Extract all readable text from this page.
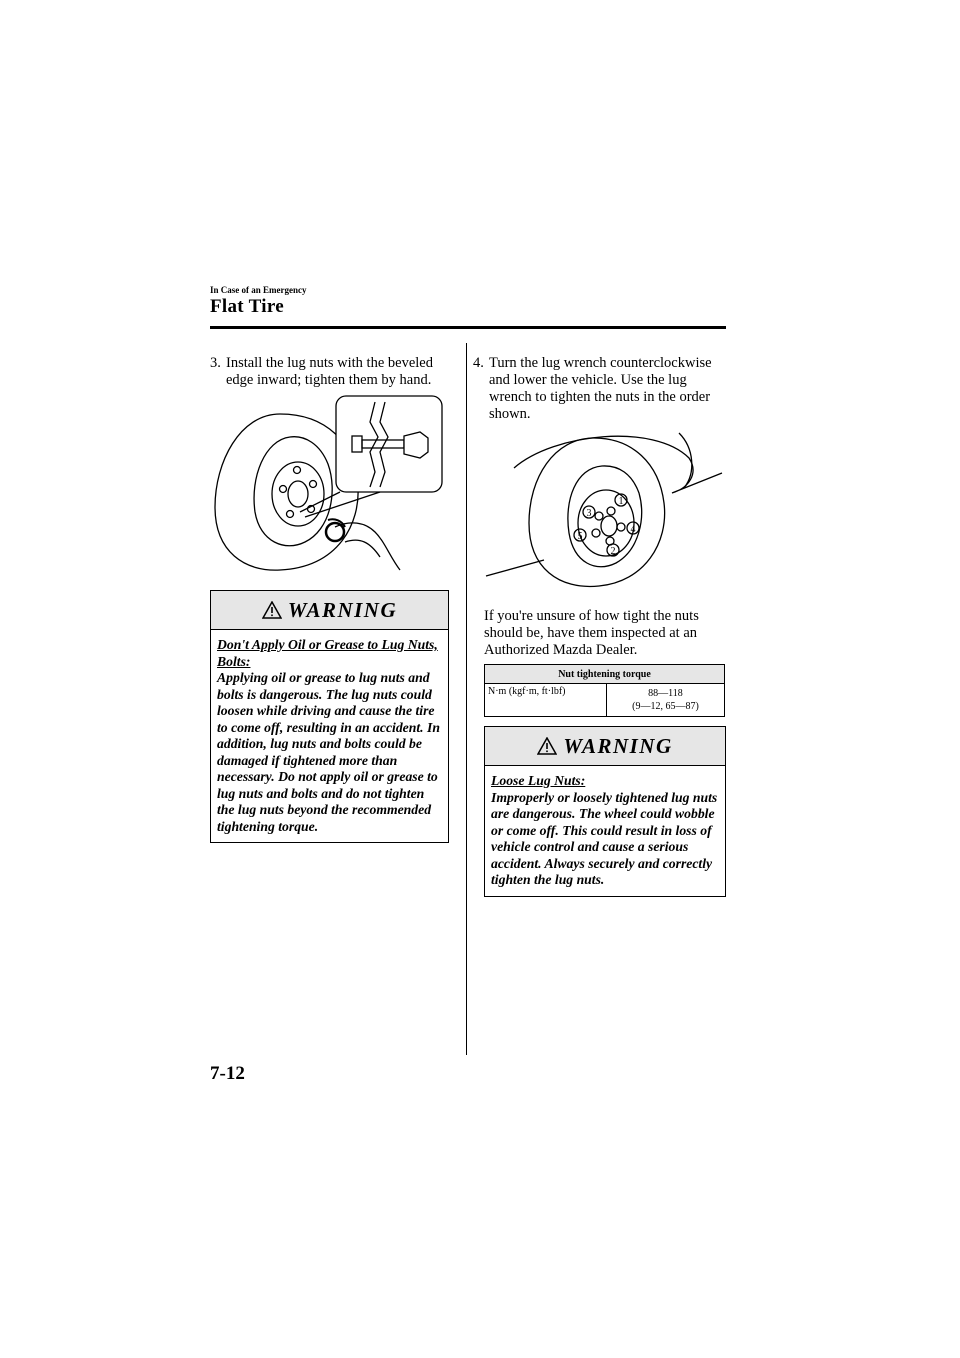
In Case of an Emergency
Flat Tire
3. Install the lug nuts with the beveled edge inward; tighten them by hand.
WARNING
Don't Apply Oil or Grease to Lug Nuts, Bolts:
Applying oil or grease to lug nuts and bolts is dangerous. The lug nuts could loosen while driving and cause the tire to come off, resulting in an accident. In addition, lug nuts and bolts could be damaged if tightened more than necessary. Do not apply oil or grease to lug nuts and bolts and do not tighten the lug nuts beyond the recommended tightening torque.
4. Turn the lug wrench counterclockwise and lower the vehicle. Use the lug wrench to tighten the nuts in the order shown.
1
2
3
4
5
If you're unsure of how tight the nuts should be, have them inspected at an Authorized Mazda Dealer.
Nut tightening torque
N·m (kgf·m, ft·lbf)	88―118
(9―12, 65―87)
WARNING
Loose Lug Nuts:
Improperly or loosely tightened lug nuts are dangerous. The wheel could wobble or come off. This could result in loss of vehicle control and cause a serious accident. Always securely and correctly tighten the lug nuts.
7-12
